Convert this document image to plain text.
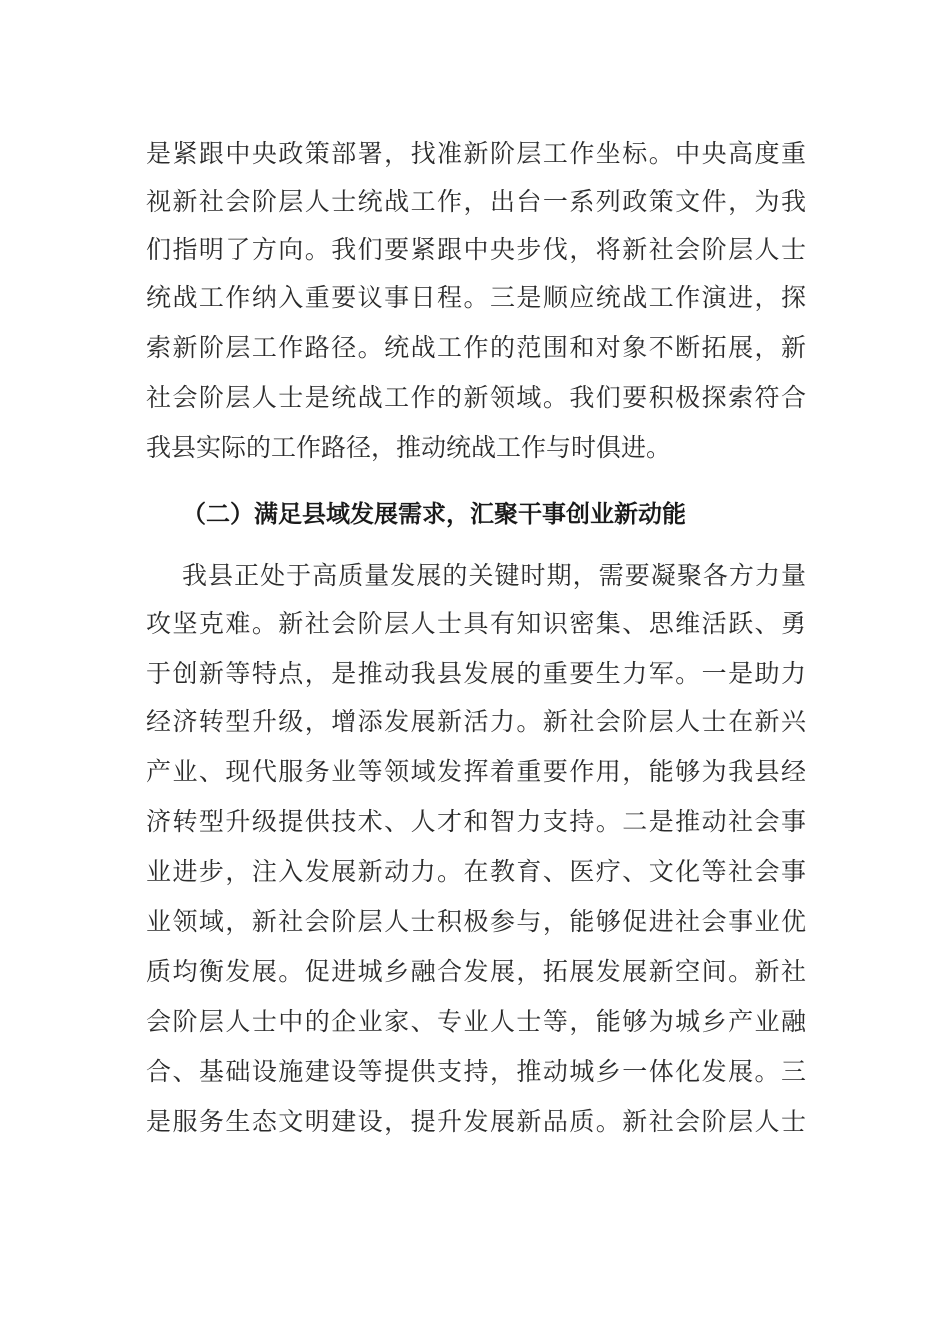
是紧跟中央政策部署，找准新阶层工作坐标。中央高度重
视新社会阶层人士统战工作，出台一系列政策文件，为我
们指明了方向。我们要紧跟中央步伐，将新社会阶层人士
统战工作纳入重要议事日程。三是顺应统战工作演进，探
索新阶层工作路径。统战工作的范围和对象不断拓展，新
社会阶层人士是统战工作的新领域。我们要积极探索符合
我县实际的工作路径，推动统战工作与时俱进。
（二）满足县域发展需求，汇聚干事创业新动能
我县正处于高质量发展的关键时期，需要凝聚各方力量
攻坚克难。新社会阶层人士具有知识密集、思维活跃、勇
于创新等特点，是推动我县发展的重要生力军。一是助力
经济转型升级，增添发展新活力。新社会阶层人士在新兴
产业、现代服务业等领域发挥着重要作用，能够为我县经
济转型升级提供技术、人才和智力支持。二是推动社会事
业进步，注入发展新动力。在教育、医疗、文化等社会事
业领域，新社会阶层人士积极参与，能够促进社会事业优
质均衡发展。促进城乡融合发展，拓展发展新空间。新社
会阶层人士中的企业家、专业人士等，能够为城乡产业融
合、基础设施建设等提供支持，推动城乡一体化发展。三
是服务生态文明建设，提升发展新品质。新社会阶层人士
